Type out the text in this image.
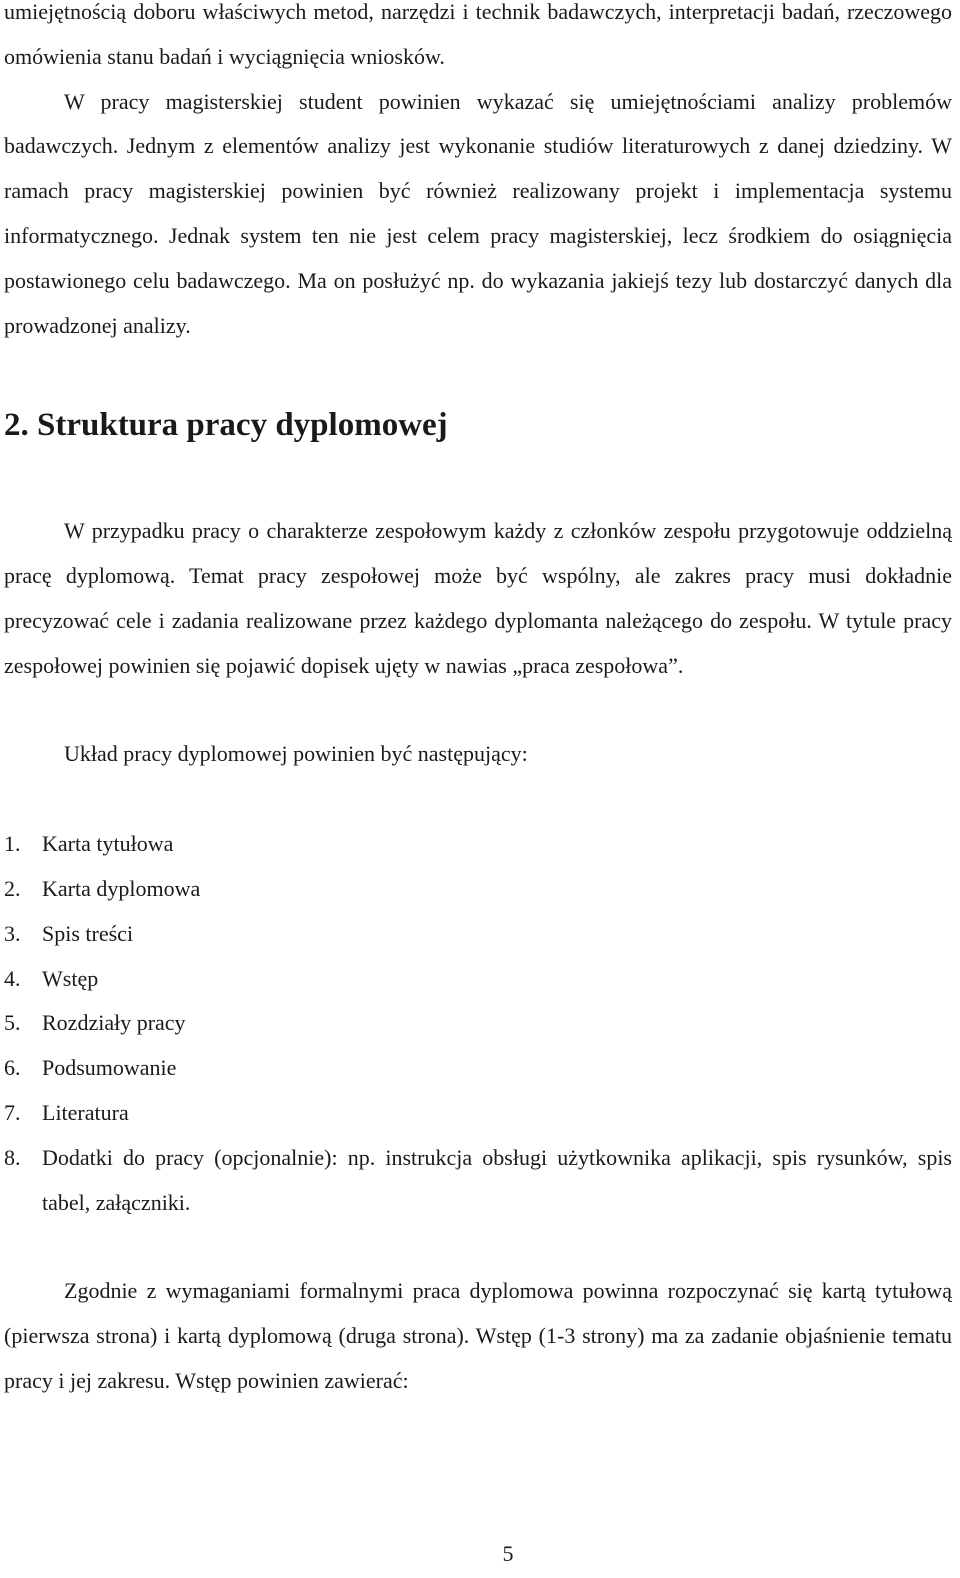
umiejętnością doboru właściwych metod, narzędzi i technik badawczych, interpretacji badań, rzeczowego omówienia stanu badań i wyciągnięcia wniosków.

W pracy magisterskiej student powinien wykazać się umiejętnościami analizy problemów badawczych. Jednym z elementów analizy jest wykonanie studiów literaturowych z danej dziedziny. W ramach pracy magisterskiej powinien być również realizowany projekt i implementacja systemu informatycznego. Jednak system ten nie jest celem pracy magisterskiej, lecz środkiem do osiągnięcia postawionego celu badawczego. Ma on posłużyć np. do wykazania jakiejś tezy lub dostarczyć danych dla prowadzonej analizy.

2. Struktura pracy dyplomowej

W przypadku pracy o charakterze zespołowym każdy z członków zespołu przygotowuje oddzielną pracę dyplomową. Temat pracy zespołowej może być wspólny, ale zakres pracy musi dokładnie precyzować cele i zadania realizowane przez każdego dyplomanta należącego do zespołu. W tytule pracy zespołowej powinien się pojawić dopisek ujęty w nawias „praca zespołowa”.

Układ pracy dyplomowej powinien być następujący:

1. Karta tytułowa
2. Karta dyplomowa
3. Spis treści
4. Wstęp
5. Rozdziały pracy
6. Podsumowanie
7. Literatura
8. Dodatki do pracy (opcjonalnie): np. instrukcja obsługi użytkownika aplikacji, spis rysunków, spis tabel, załączniki.

Zgodnie z wymaganiami formalnymi praca dyplomowa powinna rozpoczynać się kartą tytułową (pierwsza strona) i kartą dyplomową (druga strona). Wstęp (1-3 strony) ma za zadanie objaśnienie tematu pracy i jej zakresu. Wstęp powinien zawierać:

5
